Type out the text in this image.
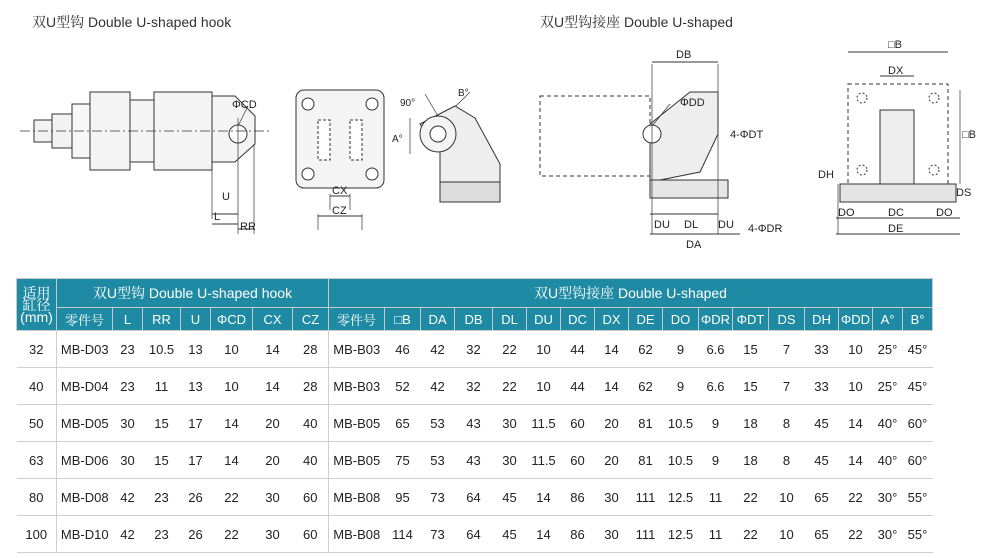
双U型钩 Double U-shaped hook	双U型钩接座 Double U-shaped
ΦCD
U
L
RR
CX
CZ
90°
B°
A°
DB
ΦDD
4-ΦDT
4-ΦDR
DU DL DU
DA
□B
DX
□B
DH
DS
DO	DC	DO
DE
适用
缸径
(mm)	双U型钩 Double U-shaped hook							双U型钩接座 Double U-shaped																
	零件号	L	RR	U	ΦCD	CX	CZ	零件号	□B	DA	DB	DL	DU	DC	DX	DE	DO	ΦDR	ΦDT	DS	DH	ΦDD	A°	B°
32	MB-D03	23	10.5	13	10	14	28	MB-B03	46	42	32	22	10	44	14	62	9	6.6	15	7	33	10	25°	45°
40	MB-D04	23	11	13	10	14	28	MB-B03	52	42	32	22	10	44	14	62	9	6.6	15	7	33	10	25°	45°
50	MB-D05	30	15	17	14	20	40	MB-B05	65	53	43	30	11.5	60	20	81	10.5	9	18	8	45	14	40°	60°
63	MB-D06	30	15	17	14	20	40	MB-B05	75	53	43	30	11.5	60	20	81	10.5	9	18	8	45	14	40°	60°
80	MB-D08	42	23	26	22	30	60	MB-B08	95	73	64	45	14	86	30	111	12.5	11	22	10	65	22	30°	55°
100	MB-D10	42	23	26	22	30	60	MB-B08	114	73	64	45	14	86	30	111	12.5	11	22	10	65	22	30°	55°
